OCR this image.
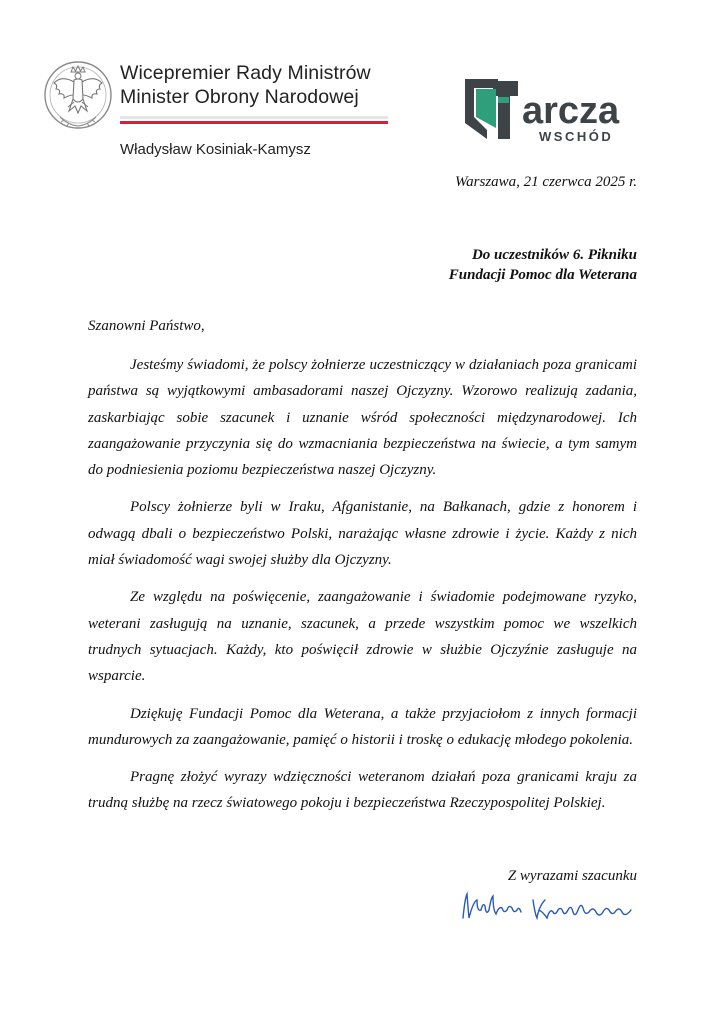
Wicepremier Rady Ministrów
Minister Obrony Narodowej
Władysław Kosiniak-Kamysz
arcza
WSCHÓD
Warszawa, 21 czerwca 2025 r.
Do uczestników 6. Pikniku
Fundacji Pomoc dla Weterana
Szanowni Państwo,

Jesteśmy świadomi, że polscy żołnierze uczestniczący w działaniach poza granicami państwa są wyjątkowymi ambasadorami naszej Ojczyzny. Wzorowo realizują zadania, zaskarbiając sobie szacunek i uznanie wśród społeczności międzynarodowej. Ich zaangażowanie przyczynia się do wzmacniania bezpieczeństwa na świecie, a tym samym do podniesienia poziomu bezpieczeństwa naszej Ojczyzny.

Polscy żołnierze byli w Iraku, Afganistanie, na Bałkanach, gdzie z honorem i odwagą dbali o bezpieczeństwo Polski, narażając własne zdrowie i życie. Każdy z nich miał świadomość wagi swojej służby dla Ojczyzny.

Ze względu na poświęcenie, zaangażowanie i świadomie podejmowane ryzyko, weterani zasługują na uznanie, szacunek, a przede wszystkim pomoc we wszelkich trudnych sytuacjach. Każdy, kto poświęcił zdrowie w służbie Ojczyźnie zasługuje na wsparcie.

Dziękuję Fundacji Pomoc dla Weterana, a także przyjaciołom z innych formacji mundurowych za zaangażowanie, pamięć o historii i troskę o edukację młodego pokolenia.

Pragnę złożyć wyrazy wdzięczności weteranom działań poza granicami kraju za trudną służbę na rzecz światowego pokoju i bezpieczeństwa Rzeczypospolitej Polskiej.

Z wyrazami szacunku
